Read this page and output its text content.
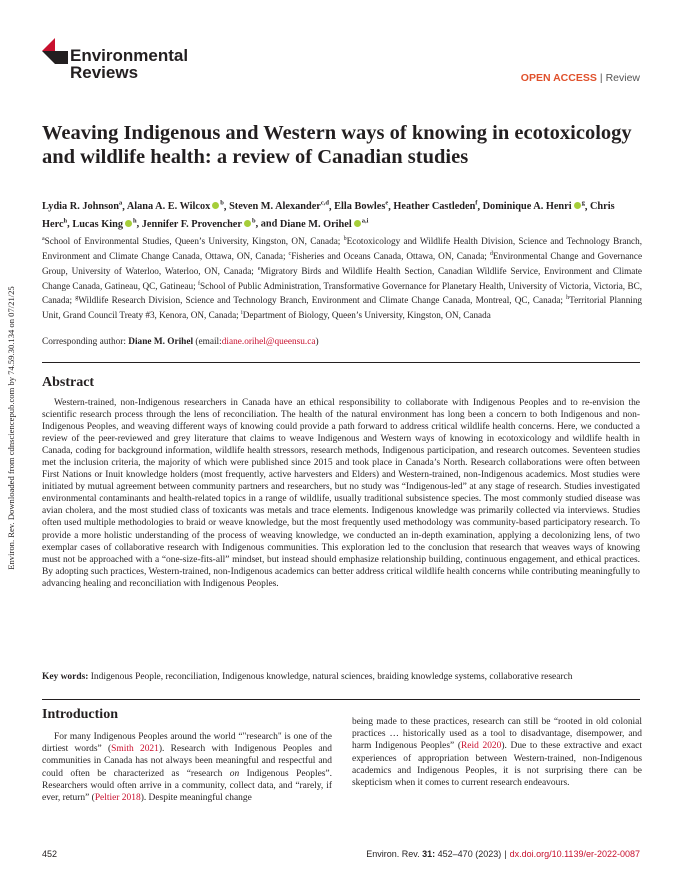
Environ. Rev. Downloaded from cdnsciencepub.com by 74.59.30.134 on 07/21/25
Environmental
Reviews	OPEN ACCESS | Review
Weaving Indigenous and Western ways of knowing in ecotoxicology and wildlife health: a review of Canadian studies
Lydia R. Johnson$^a$, Alana A. E. Wilcox $^b$, Steven M. Alexander$^{c,d}$, Ella Bowles$^e$, Heather Castleden$^f$, Dominique A. Henri $^g$, Chris Herc$^h$, Lucas King $^h$, Jennifer F. Provencher $^b$, and Diane M. Orihel $^{a,i}$
$^a$School of Environmental Studies, Queen’s University, Kingston, ON, Canada; $^b$Ecotoxicology and Wildlife Health Division, Science and Technology Branch, Environment and Climate Change Canada, Ottawa, ON, Canada; $^c$Fisheries and Oceans Canada, Ottawa, ON, Canada; $^d$Environmental Change and Governance Group, University of Waterloo, Waterloo, ON, Canada; $^e$Migratory Birds and Wildlife Health Section, Canadian Wildlife Service, Environment and Climate Change Canada, Gatineau, QC, Gatineau; $^f$School of Public Administration, Transformative Governance for Planetary Health, University of Victoria, Victoria, BC, Canada; $^g$Wildlife Research Division, Science and Technology Branch, Environment and Climate Change Canada, Montreal, QC, Canada; $^h$Territorial Planning Unit, Grand Council Treaty #3, Kenora, ON, Canada; $^i$Department of Biology, Queen’s University, Kingston, ON, Canada
Corresponding author: Diane M. Orihel (email:diane.orihel@queensu.ca)
Abstract

Western-trained, non-Indigenous researchers in Canada have an ethical responsibility to collaborate with Indigenous Peoples and to re-envision the scientific research process through the lens of reconciliation. The health of the natural environment has long been a concern to both Indigenous and non-Indigenous Peoples, and weaving different ways of knowing could provide a path forward to address critical wildlife health concerns. Here, we conducted a review of the peer-reviewed and grey literature that claims to weave Indigenous and Western ways of knowing in ecotoxicology and wildlife health in Canada, coding for background information, wildlife health stressors, research methods, Indigenous participation, and research outcomes. Seventeen studies met the inclusion criteria, the majority of which were published since 2015 and took place in Canada’s North. Research collaborations were often between First Nations or Inuit knowledge holders (most frequently, active harvesters and Elders) and Western-trained, non-Indigenous academics. Most studies were initiated by mutual agreement between community partners and researchers, but no study was “Indigenous-led” at any stage of research. Studies investigated environmental contaminants and health-related topics in a range of wildlife, usually traditional subsistence species. The most commonly studied disease was avian cholera, and the most studied class of toxicants was metals and trace elements. Indigenous knowledge was primarily collected via interviews. Studies often used multiple methodologies to braid or weave knowledge, but the most frequently used methodology was community-based participatory research. To provide a more holistic understanding of the process of weaving knowledge, we conducted an in-depth examination, applying a decolonizing lens, of two exemplar cases of collaborative research with Indigenous communities. This exploration led to the conclusion that research that weaves ways of knowing must not be approached with a “one-size-fits-all” mindset, but instead should emphasize relationship building, continuous engagement, and ethical practices. By adopting such practices, Western-trained, non-Indigenous academics can better address critical wildlife health concerns while contributing meaningfully to advancing healing and reconciliation with Indigenous Peoples.

Key words: Indigenous People, reconciliation, Indigenous knowledge, natural sciences, braiding knowledge systems, collaborative research
Introduction

For many Indigenous Peoples around the world “"research" is one of the dirtiest words” (Smith 2021). Research with Indigenous Peoples and communities in Canada has not always been meaningful and respectful and could often be characterized as “research on Indigenous Peoples”. Researchers would often arrive in a community, collect data, and “rarely, if ever, return” (Peltier 2018). Despite meaningful change

being made to these practices, research can still be “rooted in old colonial practices … historically used as a tool to disadvantage, disempower, and harm Indigenous Peoples” (Reid 2020). Due to these extractive and exact experiences of appropriation between Western-trained, non-Indigenous academics and Indigenous Peoples, it is not surprising there can be skepticism when it comes to current research endeavours.

452	Environ. Rev. 31: 452–470 (2023) | dx.doi.org/10.1139/er-2022-0087
